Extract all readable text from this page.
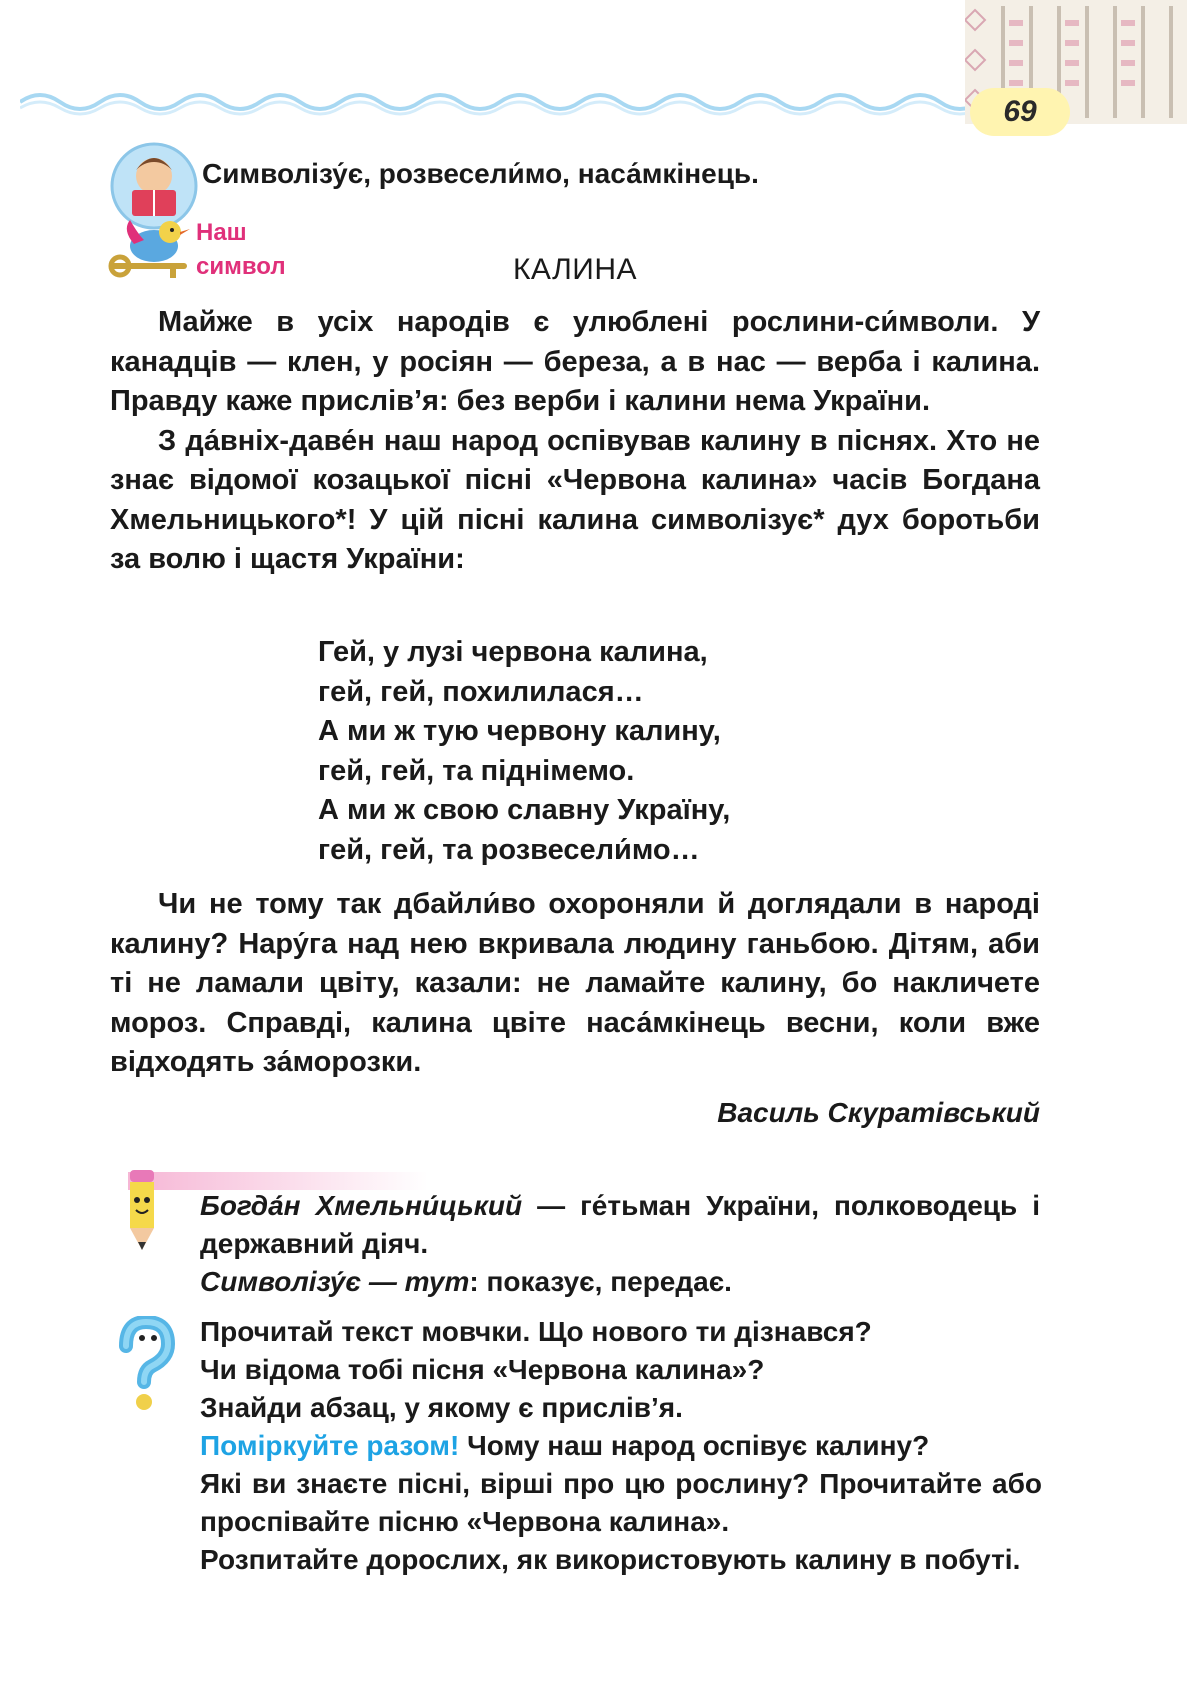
69
Символізу́є, розвесели́мо, наса́мкінець.
Наш
символ	КАЛИНА

Майже в усіх народів є улюблені рослини-си́мволи. У канадців — клен, у росіян — береза, а в нас — верба і калина. Правду каже прислів’я: без верби і калини нема України.

З да́вніх-даве́н наш народ оспівував калину в піснях. Хто не знає відомої козацької пісні «Червона калина» часів Богдана Хмельницького*! У цій пісні калина символізує* дух боротьби за волю і щастя України:

Гей, у лузі червона калина,
гей, гей, похилилася…
А ми ж тую червону калину,
гей, гей, та піднімемо.
А ми ж свою славну Україну,
гей, гей, та розвесели́мо…

Чи не тому так дбайли́во охороняли й доглядали в народі калину? Нару́га над нею вкривала людину ганьбою. Дітям, аби ті не ламали цвіту, казали: не ламайте калину, бо накличете мороз. Справді, калина цвіте наса́мкінець весни, коли вже відходять за́морозки.

Василь Скуратівський

Богда́н Хмельни́цький — ге́тьман України, полководець і державний діяч.

Символізу́є — тут: показує, передає.

Прочитай текст мовчки. Що нового ти дізнався?

Чи відома тобі пісня «Червона калина»?

Знайди абзац, у якому є прислів’я.

Поміркуйте разом! Чому наш народ оспівує калину?

Які ви знаєте пісні, вірші про цю рослину? Прочитайте або проспівайте пісню «Червона калина».

Розпитайте дорослих, як використовують калину в побуті.
